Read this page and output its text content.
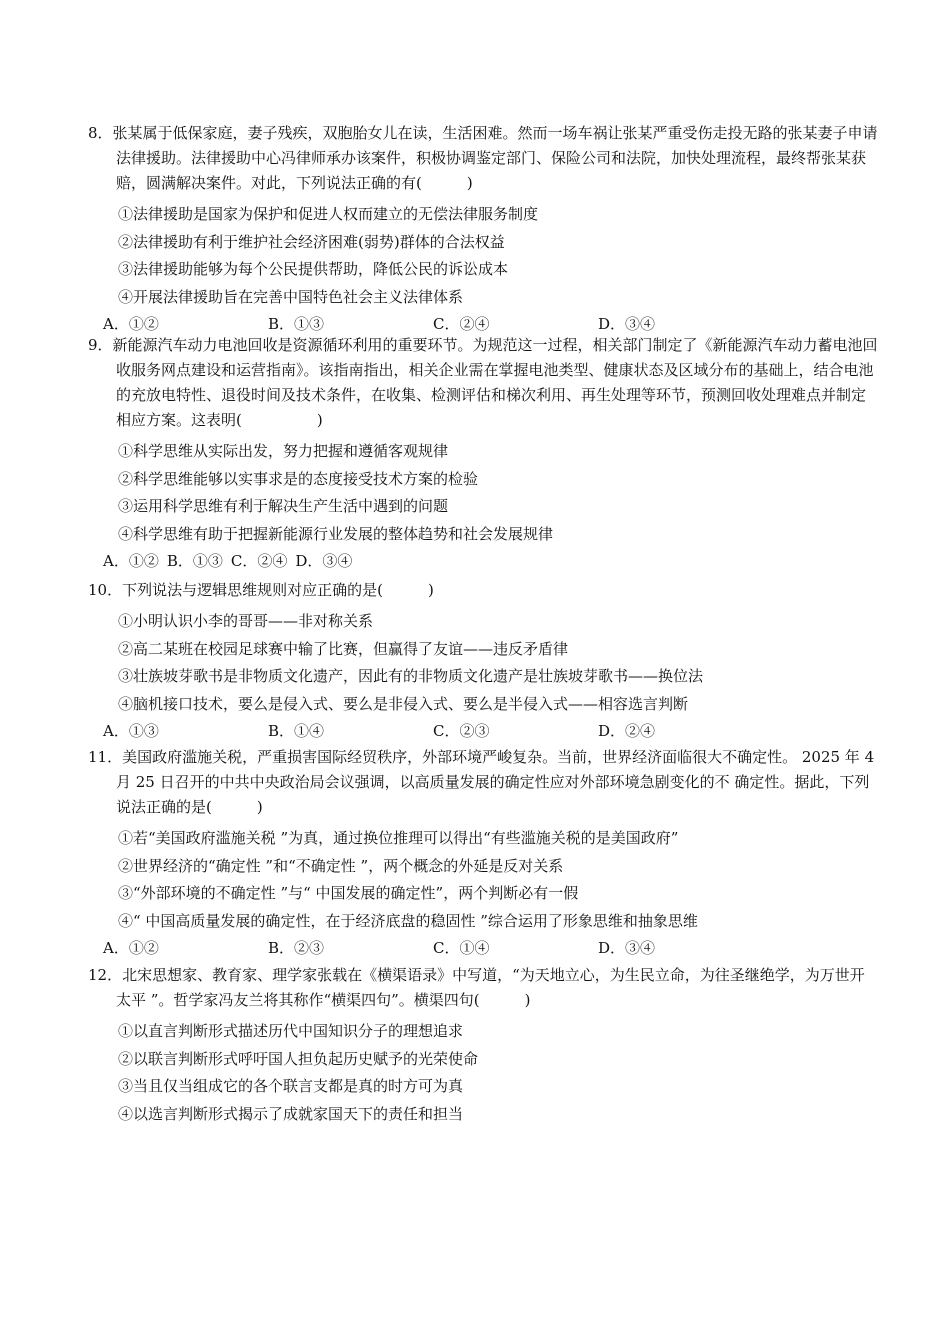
8．张某属于低保家庭，妻子残疾，双胞胎女儿在读，生活困难。然而一场车祸让张某严重受伤走投无路的张某妻子申请法律援助。法律援助中心冯律师承办该案件，积极协调鉴定部门、保险公司和法院，加快处理流程，最终帮张某获赔，圆满解决案件。对此，下列说法正确的有(　　　)

①法律援助是国家为保护和促进人权而建立的无偿法律服务制度
②法律援助有利于维护社会经济困难(弱势)群体的合法权益
③法律援助能够为每个公民提供帮助，降低公民的诉讼成本
④开展法律援助旨在完善中国特色社会主义法律体系
A．①②	B．①③	C．②④	D．③④

9．新能源汽车动力电池回收是资源循环利用的重要环节。为规范这一过程，相关部门制定了《新能源汽车动力蓄电池回收服务网点建设和运营指南》。该指南指出，相关企业需在掌握电池类型、健康状态及区域分布的基础上，结合电池的充放电特性、退役时间及技术条件，在收集、检测评估和梯次利用、再生处理等环节，预测回收处理难点并制定相应方案。这表明(　　　　　)

①科学思维从实际出发，努力把握和遵循客观规律
②科学思维能够以实事求是的态度接受技术方案的检验
③运用科学思维有利于解决生产生活中遇到的问题
④科学思维有助于把握新能源行业发展的整体趋势和社会发展规律
A．①② B．①③ C．②④ D．③④

10．下列说法与逻辑思维规则对应正确的是(　　　)

①小明认识小李的哥哥——非对称关系
②高二某班在校园足球赛中输了比赛，但赢得了友谊——违反矛盾律
③壮族坡芽歌书是非物质文化遗产，因此有的非物质文化遗产是壮族坡芽歌书——换位法
④脑机接口技术，要么是侵入式、要么是非侵入式、要么是半侵入式——相容选言判断
A．①③	B．①④	C．②③	D．②④

11．美国政府滥施关税，严重损害国际经贸秩序，外部环境严峻复杂。当前，世界经济面临很大不确定性。 2025 年 4 月 25 日召开的中共中央政治局会议强调，以高质量发展的确定性应对外部环境急剧变化的不 确定性。据此，下列说法正确的是(　　　)

①若“美国政府滥施关税 ”为真，通过换位推理可以得出“有些滥施关税的是美国政府”
②世界经济的“确定性 ”和“不确定性 ”，两个概念的外延是反对关系
③“外部环境的不确定性 ”与“ 中国发展的确定性”，两个判断必有一假
④“ 中国高质量发展的确定性，在于经济底盘的稳固性 ”综合运用了形象思维和抽象思维
A．①②	B．②③	C．①④	D．③④

12．北宋思想家、教育家、理学家张载在《横渠语录》中写道，“为天地立心，为生民立命，为往圣继绝学，为万世开太平 ”。哲学家冯友兰将其称作“横渠四句”。横渠四句(　　　)

①以直言判断形式描述历代中国知识分子的理想追求
②以联言判断形式呼吁国人担负起历史赋予的光荣使命
③当且仅当组成它的各个联言支都是真的时方可为真
④以选言判断形式揭示了成就家国天下的责任和担当
